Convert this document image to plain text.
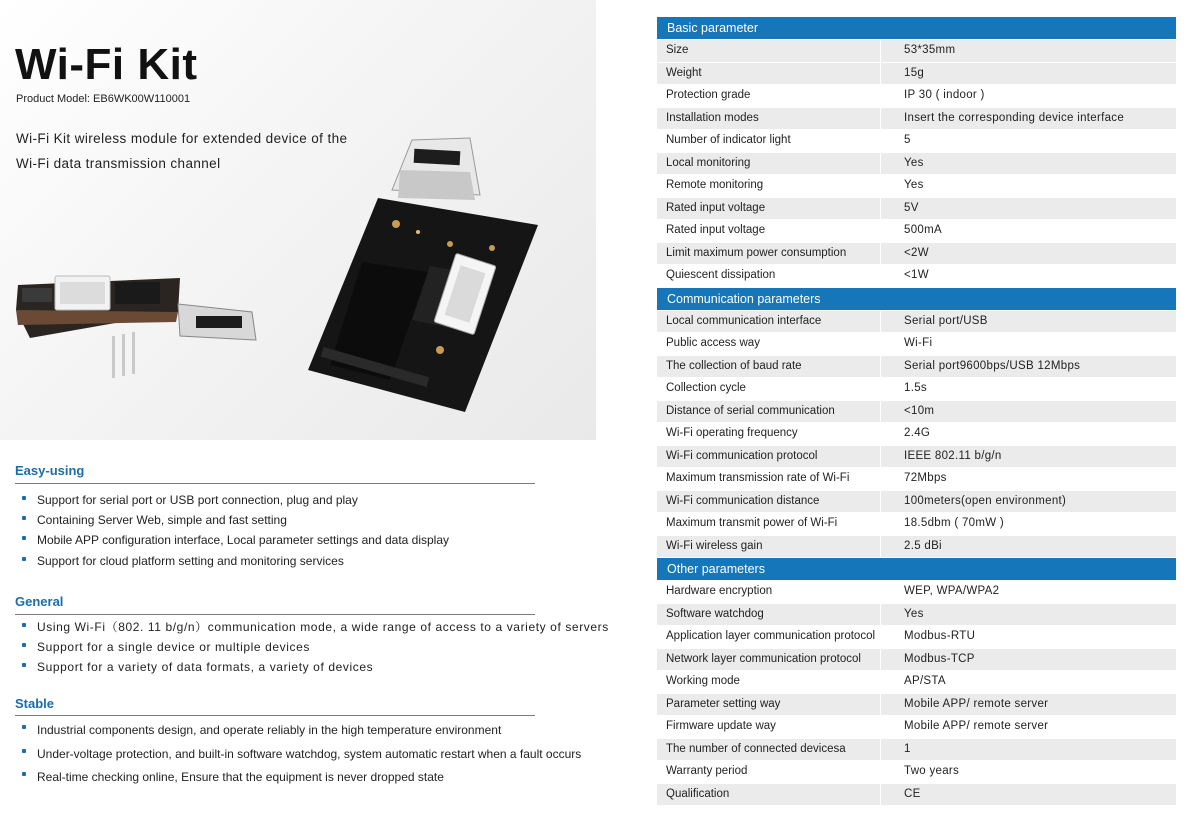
Wi-Fi Kit
Product Model: EB6WK00W110001
Wi-Fi Kit wireless module for extended device of the
Wi-Fi data transmission channel
Easy-using
Support for serial port or USB port connection, plug and play
Containing Server Web, simple and fast setting
Mobile APP configuration interface, Local parameter settings and data display
Support for cloud platform setting and monitoring services
General
Using Wi-Fi（802. 11 b/g/n）communication mode, a wide range of access to a variety of servers
Support for a single device or multiple devices
Support for a variety of data formats, a variety of devices
Stable
Industrial components design, and operate reliably in the high temperature environment
Under-voltage protection, and built-in software watchdog, system automatic restart when a fault occurs
Real-time checking online, Ensure that the equipment is never dropped state
Basic parameter
Size	53*35mm
Weight	15g
Protection grade	IP 30 ( indoor )
Installation modes	Insert the corresponding device interface
Number of indicator light	5
Local monitoring	Yes
Remote monitoring	Yes
Rated input voltage	5V
Rated input voltage	500mA
Limit maximum power consumption	<2W
Quiescent dissipation	<1W
Communication parameters
Local communication interface	Serial port/USB
Public access way	Wi-Fi
The collection of baud rate	Serial port9600bps/USB 12Mbps
Collection cycle	1.5s
Distance of serial communication	<10m
Wi-Fi operating frequency	2.4G
Wi-Fi communication protocol	IEEE 802.11 b/g/n
Maximum transmission rate of Wi-Fi	72Mbps
Wi-Fi communication distance	100meters(open environment)
Maximum transmit power of Wi-Fi	18.5dbm ( 70mW )
Wi-Fi wireless gain	2.5 dBi
Other parameters
Hardware encryption	WEP, WPA/WPA2
Software watchdog	Yes
Application layer communication protocol	Modbus-RTU
Network layer communication protocol	Modbus-TCP
Working mode	AP/STA
Parameter setting way	Mobile APP/ remote server
Firmware update way	Mobile APP/ remote server
The number of connected devicesa	1
Warranty period	Two years
Qualification	CE
